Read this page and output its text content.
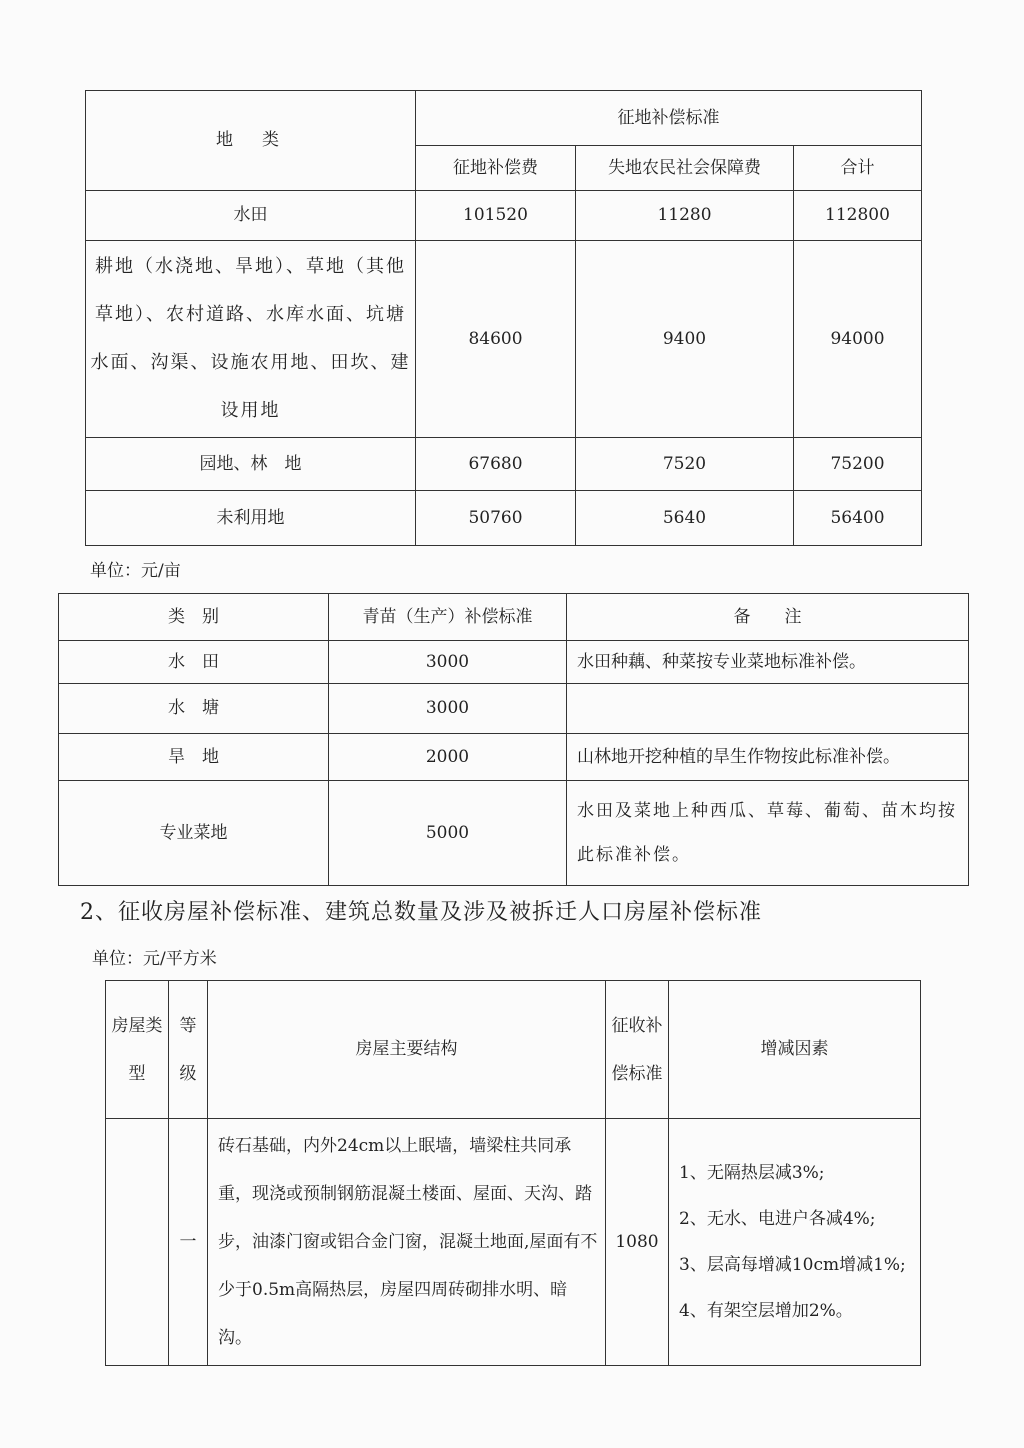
地　类	征地补偿标准		
	征地补偿费	失地农民社会保障费	合计
水田	101520	11280	112800
耕地（水浇地、旱地）、草地（其他草地）、农村道路、水库水面、坑塘水面、沟渠、设施农用地、田坎、建设用地	84600	9400	94000
园地、林　地	67680	7520	75200
未利用地	50760	5640	56400
单位：元/亩
类　别	青苗（生产）补偿标准	备　　注
水　田	3000	水田种藕、种菜按专业菜地标准补偿。
水　塘	3000	
旱　地	2000	山林地开挖种植的旱生作物按此标准补偿。
专业菜地	5000	水田及菜地上种西瓜、草莓、葡萄、苗木均按此标准补偿。
2、征收房屋补偿标准、建筑总数量及涉及被拆迁人口房屋补偿标准
单位：元/平方米
房屋类型	等级	房屋主要结构	征收补偿标准	增减因素
	一	砖石基础，内外24cm以上眠墙，墙梁柱共同承重，现浇或预制钢筋混凝土楼面、屋面、天沟、踏步，油漆门窗或铝合金门窗，混凝土地面,屋面有不少于0.5m高隔热层，房屋四周砖砌排水明、暗沟。	1080	1、无隔热层减3%;
2、无水、电进户各减4%;
3、层高每增减10cm增减1%;
4、有架空层增加2%。
